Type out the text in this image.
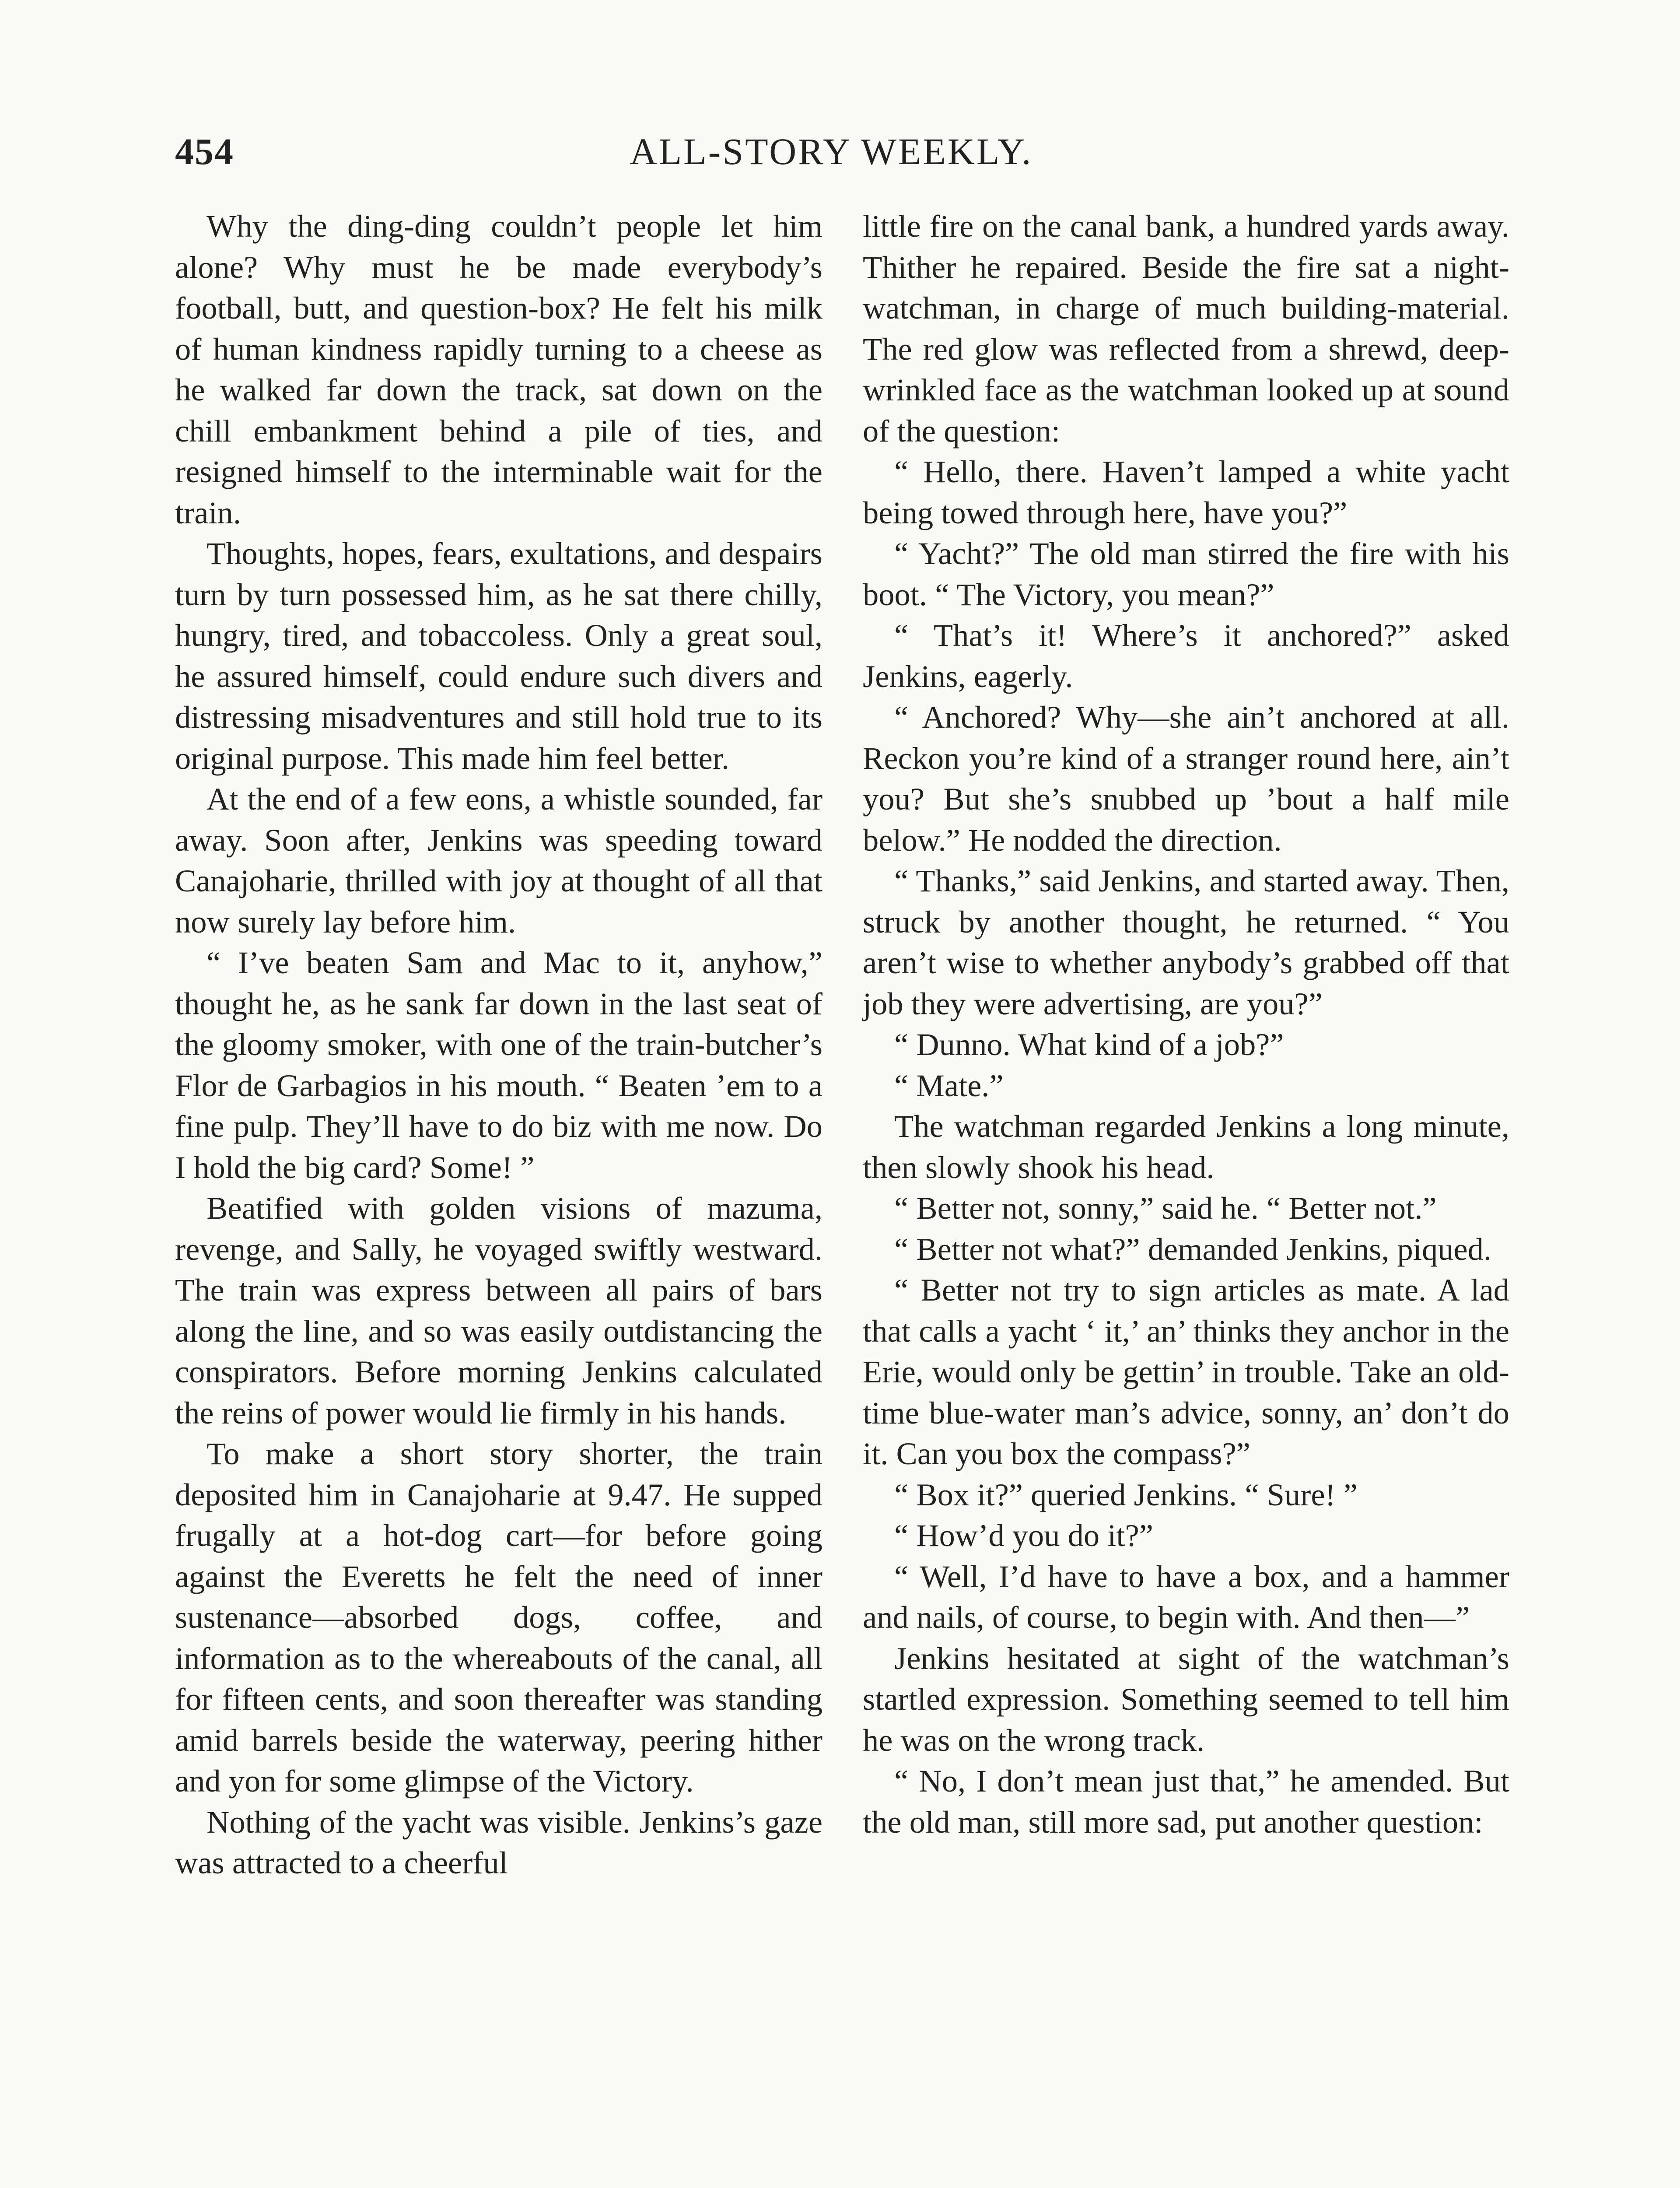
454	ALL-STORY WEEKLY.

Why the ding-ding couldn’t people let him alone? Why must he be made everybody’s football, butt, and question-box? He felt his milk of human kindness rapidly turning to a cheese as he walked far down the track, sat down on the chill embankment behind a pile of ties, and resigned himself to the interminable wait for the train.

Thoughts, hopes, fears, exultations, and despairs turn by turn possessed him, as he sat there chilly, hungry, tired, and tobaccoless. Only a great soul, he assured himself, could endure such divers and distressing misadventures and still hold true to its original purpose. This made him feel better.

At the end of a few eons, a whistle sounded, far away. Soon after, Jenkins was speeding toward Canajoharie, thrilled with joy at thought of all that now surely lay before him.

“ I’ve beaten Sam and Mac to it, anyhow,” thought he, as he sank far down in the last seat of the gloomy smoker, with one of the train-butcher’s Flor de Garbagios in his mouth. “ Beaten ’em to a fine pulp. They’ll have to do biz with me now. Do I hold the big card? Some! ”

Beatified with golden visions of mazuma, revenge, and Sally, he voyaged swiftly westward. The train was express between all pairs of bars along the line, and so was easily outdistancing the conspirators. Before morning Jenkins calculated the reins of power would lie firmly in his hands.

To make a short story shorter, the train deposited him in Canajoharie at 9.47. He supped frugally at a hot-dog cart—for before going against the Everetts he felt the need of inner sustenance—absorbed dogs, coffee, and information as to the whereabouts of the canal, all for fifteen cents, and soon thereafter was standing amid barrels beside the waterway, peering hither and yon for some glimpse of the Victory.

Nothing of the yacht was visible. Jenkins’s gaze was attracted to a cheerful

little fire on the canal bank, a hundred yards away. Thither he repaired. Beside the fire sat a night-watchman, in charge of much building-material. The red glow was reflected from a shrewd, deep-wrinkled face as the watchman looked up at sound of the question:

“ Hello, there. Haven’t lamped a white yacht being towed through here, have you?”

“ Yacht?” The old man stirred the fire with his boot. “ The Victory, you mean?”

“ That’s it! Where’s it anchored?” asked Jenkins, eagerly.

“ Anchored? Why—she ain’t anchored at all. Reckon you’re kind of a stranger round here, ain’t you? But she’s snubbed up ’bout a half mile below.” He nodded the direction.

“ Thanks,” said Jenkins, and started away. Then, struck by another thought, he returned. “ You aren’t wise to whether anybody’s grabbed off that job they were advertising, are you?”

“ Dunno. What kind of a job?”

“ Mate.”

The watchman regarded Jenkins a long minute, then slowly shook his head.

“ Better not, sonny,” said he. “ Better not.”

“ Better not what?” demanded Jenkins, piqued.

“ Better not try to sign articles as mate. A lad that calls a yacht ‘ it,’ an’ thinks they anchor in the Erie, would only be gettin’ in trouble. Take an old-time blue-water man’s advice, sonny, an’ don’t do it. Can you box the compass?”

“ Box it?” queried Jenkins. “ Sure! ”

“ How’d you do it?”

“ Well, I’d have to have a box, and a hammer and nails, of course, to begin with. And then—”

Jenkins hesitated at sight of the watchman’s startled expression. Something seemed to tell him he was on the wrong track.

“ No, I don’t mean just that,” he amended. But the old man, still more sad, put another question:
